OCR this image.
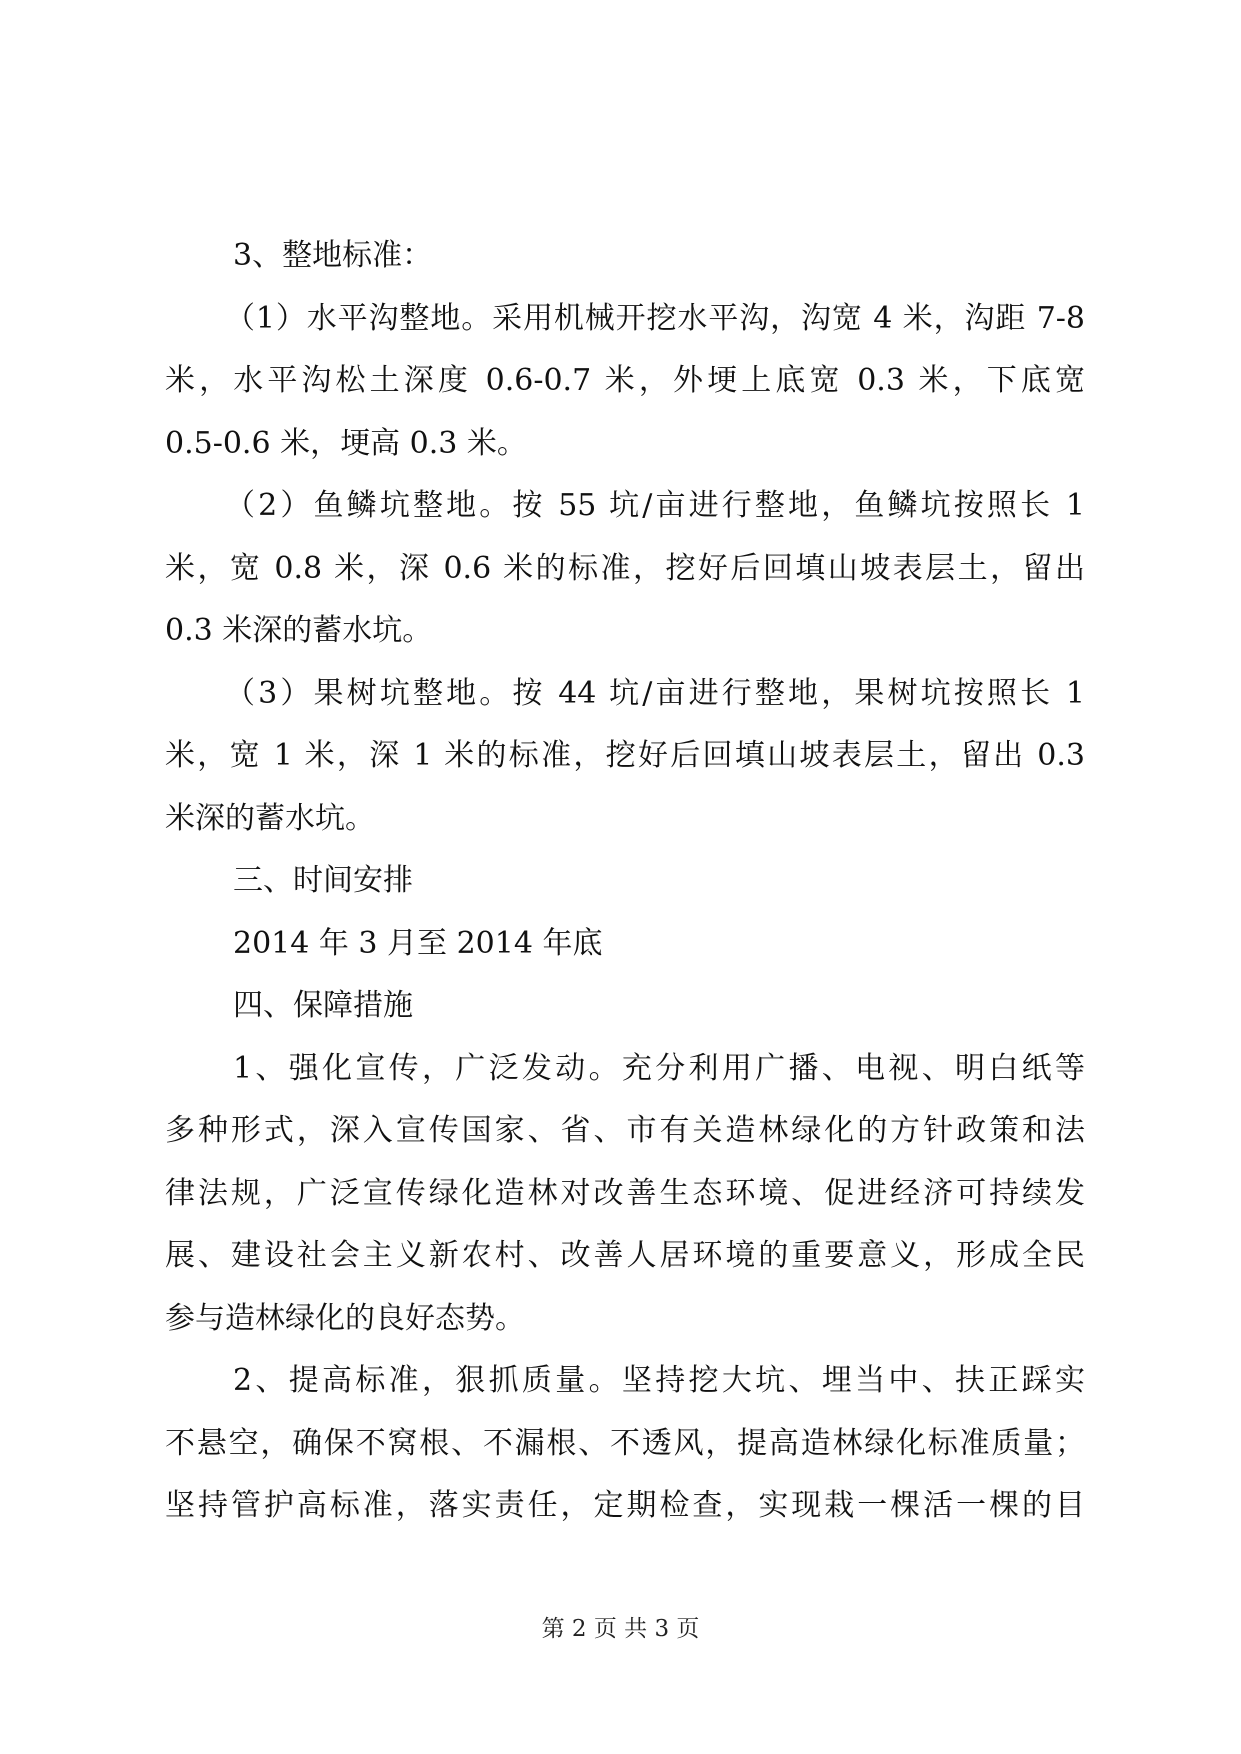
3、整地标准：

（1）水平沟整地。采用机械开挖水平沟，沟宽 4 米，沟距 7-8

米，水平沟松土深度 0.6-0.7 米，外埂上底宽 0.3 米，下底宽

0.5-0.6 米，埂高 0.3 米。

（2）鱼鳞坑整地。按 55 坑/亩进行整地，鱼鳞坑按照长 1

米，宽 0.8 米，深 0.6 米的标准，挖好后回填山坡表层土，留出

0.3 米深的蓄水坑。

（3）果树坑整地。按 44 坑/亩进行整地，果树坑按照长 1

米，宽 1 米，深 1 米的标准，挖好后回填山坡表层土，留出 0.3

米深的蓄水坑。

三、时间安排

2014 年 3 月至 2014 年底

四、保障措施

1、强化宣传，广泛发动。充分利用广播、电视、明白纸等

多种形式，深入宣传国家、省、市有关造林绿化的方针政策和法

律法规，广泛宣传绿化造林对改善生态环境、促进经济可持续发

展、建设社会主义新农村、改善人居环境的重要意义，形成全民

参与造林绿化的良好态势。

2、提高标准，狠抓质量。坚持挖大坑、埋当中、扶正踩实

不悬空，确保不窝根、不漏根、不透风，提高造林绿化标准质量；

坚持管护高标准，落实责任，定期检查，实现栽一棵活一棵的目

第 2 页 共 3 页
